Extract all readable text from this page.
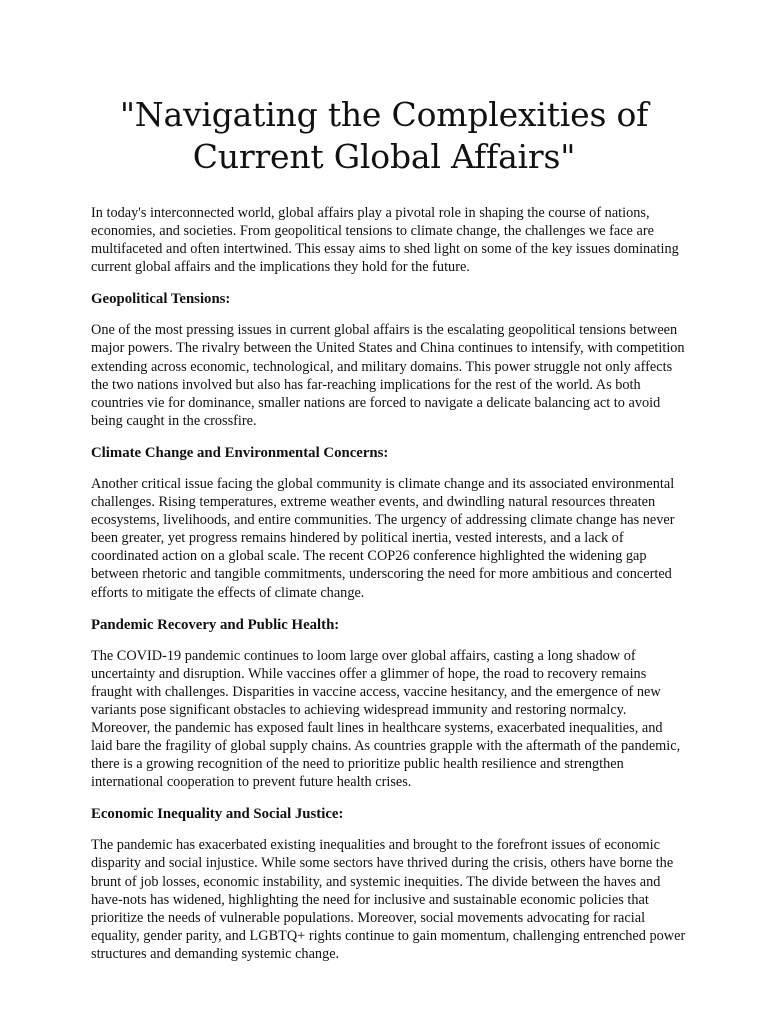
"Navigating the Complexities of Current Global Affairs"

In today's interconnected world, global affairs play a pivotal role in shaping the course of nations, economies, and societies. From geopolitical tensions to climate change, the challenges we face are multifaceted and often intertwined. This essay aims to shed light on some of the key issues dominating current global affairs and the implications they hold for the future.

Geopolitical Tensions:

One of the most pressing issues in current global affairs is the escalating geopolitical tensions between major powers. The rivalry between the United States and China continues to intensify, with competition extending across economic, technological, and military domains. This power struggle not only affects the two nations involved but also has far-reaching implications for the rest of the world. As both countries vie for dominance, smaller nations are forced to navigate a delicate balancing act to avoid being caught in the crossfire.

Climate Change and Environmental Concerns:

Another critical issue facing the global community is climate change and its associated environmental challenges. Rising temperatures, extreme weather events, and dwindling natural resources threaten ecosystems, livelihoods, and entire communities. The urgency of addressing climate change has never been greater, yet progress remains hindered by political inertia, vested interests, and a lack of coordinated action on a global scale. The recent COP26 conference highlighted the widening gap between rhetoric and tangible commitments, underscoring the need for more ambitious and concerted efforts to mitigate the effects of climate change.

Pandemic Recovery and Public Health:

The COVID-19 pandemic continues to loom large over global affairs, casting a long shadow of uncertainty and disruption. While vaccines offer a glimmer of hope, the road to recovery remains fraught with challenges. Disparities in vaccine access, vaccine hesitancy, and the emergence of new variants pose significant obstacles to achieving widespread immunity and restoring normalcy. Moreover, the pandemic has exposed fault lines in healthcare systems, exacerbated inequalities, and laid bare the fragility of global supply chains. As countries grapple with the aftermath of the pandemic, there is a growing recognition of the need to prioritize public health resilience and strengthen international cooperation to prevent future health crises.

Economic Inequality and Social Justice:

The pandemic has exacerbated existing inequalities and brought to the forefront issues of economic disparity and social injustice. While some sectors have thrived during the crisis, others have borne the brunt of job losses, economic instability, and systemic inequities. The divide between the haves and have-nots has widened, highlighting the need for inclusive and sustainable economic policies that prioritize the needs of vulnerable populations. Moreover, social movements advocating for racial equality, gender parity, and LGBTQ+ rights continue to gain momentum, challenging entrenched power structures and demanding systemic change.
